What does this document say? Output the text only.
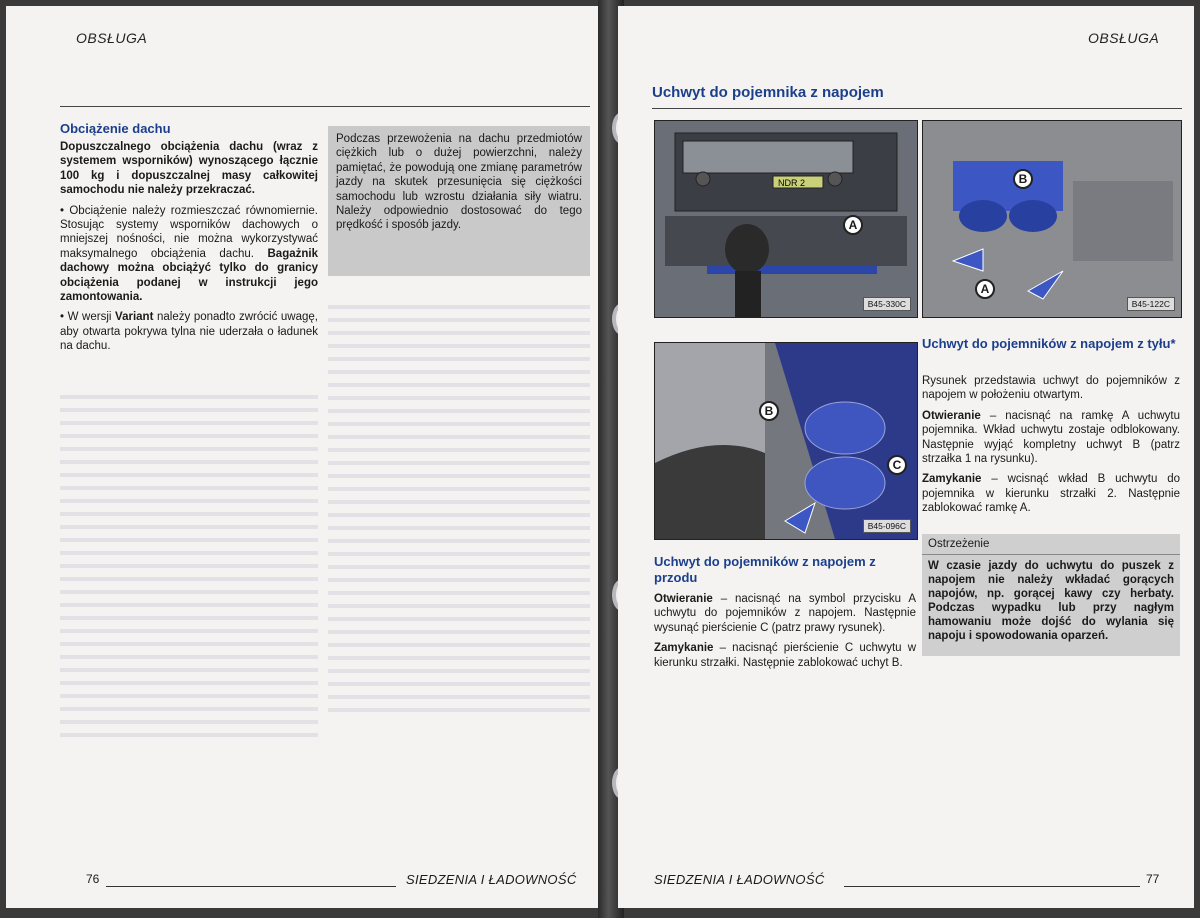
OBSŁUGA
Obciążenie dachu

Dopuszczalnego obciążenia dachu (wraz z systemem wsporników) wynoszącego łącznie 100 kg i dopuszczalnej masy całkowitej samochodu nie należy przekraczać.

• Obciążenie należy rozmieszczać równomiernie. Stosując systemy wsporników dachowych o mniejszej nośności, nie można wykorzystywać maksymalnego obciążenia dachu. Bagażnik dachowy można obciążyć tylko do granicy obciążenia podanej w instrukcji jego zamontowania.

• W wersji Variant należy ponadto zwrócić uwagę, aby otwarta pokrywa tylna nie uderzała o ładunek na dachu.

Podczas przewożenia na dachu przedmiotów ciężkich lub o dużej powierzchni, należy pamiętać, że powodują one zmianę parametrów jazdy na skutek przesunięcia się ciężkości samochodu lub wzrostu działania siły wiatru. Należy odpowiednio dostosować do tego prędkość i sposób jazdy.
76	SIEDZENIA I ŁADOWNOŚĆ
OBSŁUGA
Uchwyt do pojemnika z napojem
NDR 2
A
B45-330C
B
A
B45-122C
B
C
B45-096C
Uchwyt do pojemników z napojem z przodu

Otwieranie – nacisnąć na symbol przycisku A uchwytu do pojemników z napojem. Następnie wysunąć pierścienie C (patrz prawy rysunek).

Zamykanie – nacisnąć pierścienie C uchwytu w kierunku strzałki. Następnie zablokować uchyt B.

Uchwyt do pojemników z napojem z tyłu*

Rysunek przedstawia uchwyt do pojemników z napojem w położeniu otwartym.

Otwieranie – nacisnąć na ramkę A uchwytu pojemnika. Wkład uchwytu zostaje odblokowany. Następnie wyjąć kompletny uchwyt B (patrz strzałka 1 na rysunku).

Zamykanie – wcisnąć wkład B uchwytu do pojemnika w kierunku strzałki 2. Następnie zablokować ramkę A.

Ostrzeżenie
W czasie jazdy do uchwytu do puszek z napojem nie należy wkładać gorących napojów, np. gorącej kawy czy herbaty. Podczas wypadku lub przy nagłym hamowaniu może dojść do wylania się napoju i spowodowania oparzeń.
SIEDZENIA I ŁADOWNOŚĆ	77
